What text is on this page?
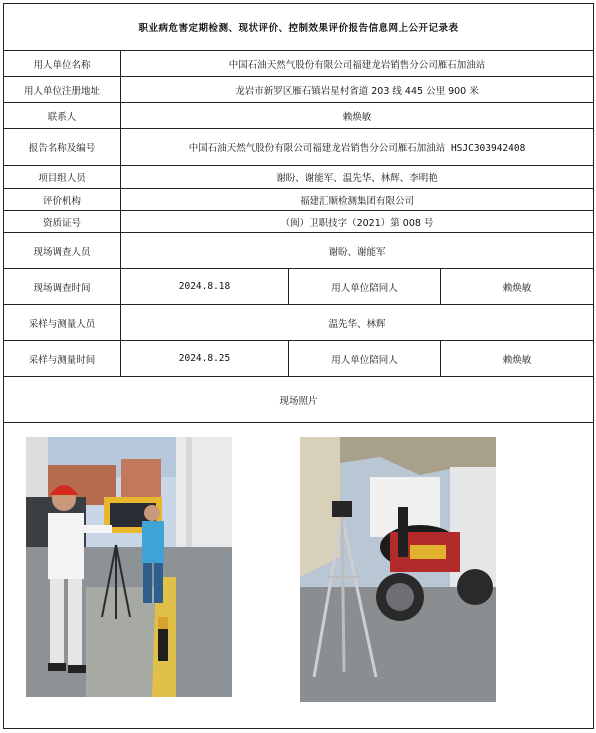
职业病危害定期检测、现状评价、控制效果评价报告信息网上公开记录表			
用人单位名称	中国石油天然气股份有限公司福建龙岩销售分公司雁石加油站		
用人单位注册地址	龙岩市新罗区雁石镇岩星村省道 203 线 445 公里 900 米		
联系人	赖焕敏		
报告名称及编号	中国石油天然气股份有限公司福建龙岩销售分公司雁石加油站 HSJC303942408		
项目组人员	谢盼、谢能军、温先华、林辉、李明艳		
评价机构	福建汇顺检测集团有限公司		
资质证号	（闽）卫职技字（2021）第 008 号		
现场调查人员	谢盼、谢能军		
现场调查时间	2024.8.18	用人单位陪同人	赖焕敏
采样与测量人员	温先华、林辉		
采样与测量时间	2024.8.25	用人单位陪同人	赖焕敏
现场照片			
